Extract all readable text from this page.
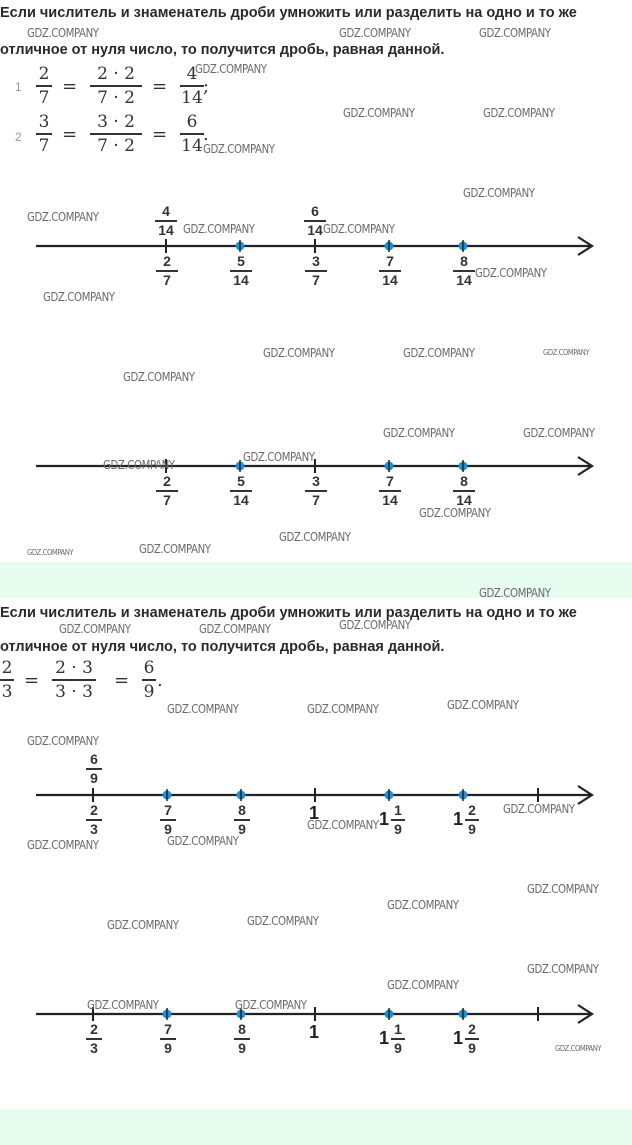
Если числитель и знаменатель дроби умножить или разделить на одно и то же
отличное от нуля число, то получится дробь, равная данной.
1
2
7
=
2 · 2
7 · 2
=
4
14
;
2
3
7
=
3 · 2
7 · 2
=
6
14
.
4
14
6
14
2
7
5
14
3
7
7
14
8
14
2
7
5
14
3
7
7
14
8
14
Если числитель и знаменатель дроби умножить или разделить на одно и то же
отличное от нуля число, то получится дробь, равная данной.
2
3
=
2 · 3
3 · 3
=
6
9
.
6
9
2
3
7
9
8
9
1	1 1
9	1 2
9
2
3
7
9
8
9
1	1 1
9	1 2
9
GDZ.COMPANY	GDZ.COMPANY	GDZ.COMPANY
GDZ.COMPANY
GDZ.COMPANY	GDZ.COMPANY
GDZ.COMPANY
GDZ.COMPANY
GDZ.COMPANY
GDZ.COMPANY	GDZ.COMPANY
GDZ.COMPANY
GDZ.COMPANY
GDZ.COMPANY	GDZ.COMPANY	GDZ.COMPANY
GDZ.COMPANY
GDZ.COMPANY	GDZ.COMPANY
GDZ.COMPANY
GDZ.COMPANY
GDZ.COMPANY
GDZ.COMPANY
GDZ.COMPANY	GDZ.COMPANY
GDZ.COMPANY
GDZ.COMPANY	GDZ.COMPANY	GDZ.COMPANY
GDZ.COMPANY	GDZ.COMPANY	GDZ.COMPANY
GDZ.COMPANY
GDZ.COMPANY
GDZ.COMPANY
GDZ.COMPANY
GDZ.COMPANY
GDZ.COMPANY
GDZ.COMPANY
GDZ.COMPANY
GDZ.COMPANY
GDZ.COMPANY
GDZ.COMPANY
GDZ.COMPANY	GDZ.COMPANY
GDZ.COMPANY
